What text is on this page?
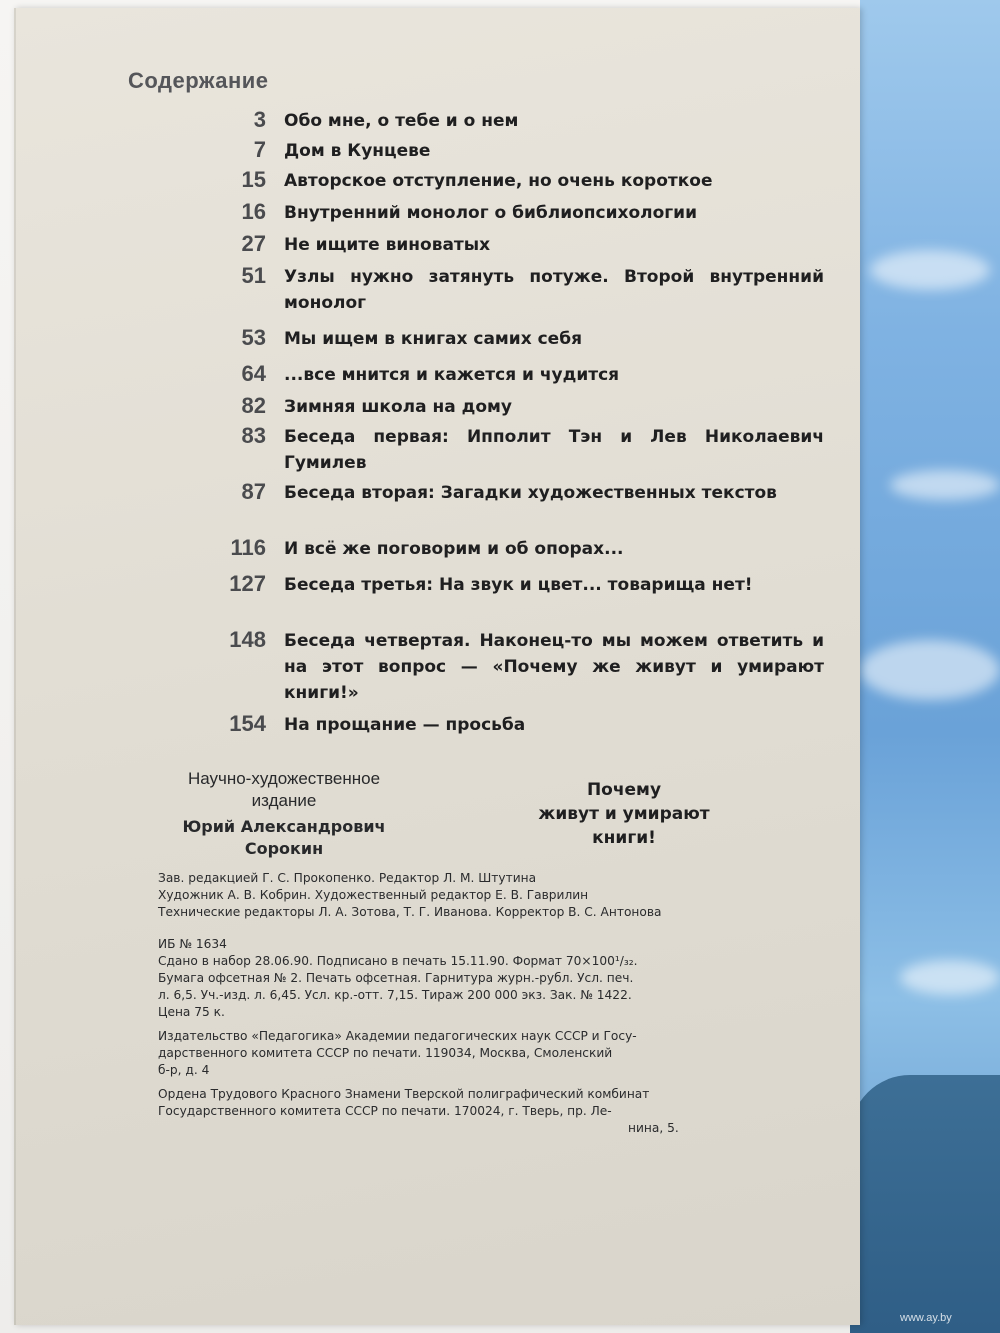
Содержание
3	Обо мне, о тебе и о нем
7	Дом в Кунцеве
15	Авторское отступление, но очень короткое
16	Внутренний монолог о библиопсихологии
27	Не ищите виноватых
51	Узлы нужно затянуть потуже. Второй внутренний монолог
53	Мы ищем в книгах самих себя
64	...все мнится и кажется и чудится
82	Зимняя школа на дому
83	Беседа первая: Ипполит Тэн и Лев Николаевич Гумилев
87	Беседа вторая: Загадки художественных текстов
116	И всё же поговорим и об опорах...
127	Беседа третья: На звук и цвет... товарища нет!
148	Беседа четвертая. Наконец-то мы можем ответить и на этот вопрос — «Почему же живут и умирают книги!»
154	На прощание — просьба
Научно-художественное
издание
Юрий Александрович
Сорокин
Почему
живут и умирают
книги!
Зав. редакцией Г. С. Прокопенко. Редактор Л. М. Штутина
Художник А. В. Кобрин. Художественный редактор Е. В. Гаврилин
Технические редакторы Л. А. Зотова, Т. Г. Иванова. Корректор В. С. Антонова
ИБ № 1634
Сдано в набор 28.06.90. Подписано в печать 15.11.90. Формат 70×100¹/₃₂.
Бумага офсетная № 2. Печать офсетная. Гарнитура журн.-рубл. Усл. печ.
л. 6,5. Уч.-изд. л. 6,45. Усл. кр.-отт. 7,15. Тираж 200 000 экз. Зак. № 1422.
Цена 75 к.
Издательство «Педагогика» Академии педагогических наук СССР и Госу-
дарственного комитета СССР по печати. 119034, Москва, Смоленский
б-р, д. 4
Ордена Трудового Красного Знамени Тверской полиграфический комбинат
Государственного комитета СССР по печати. 170024, г. Тверь, пр. Ле-
нина, 5.
www.ay.by
